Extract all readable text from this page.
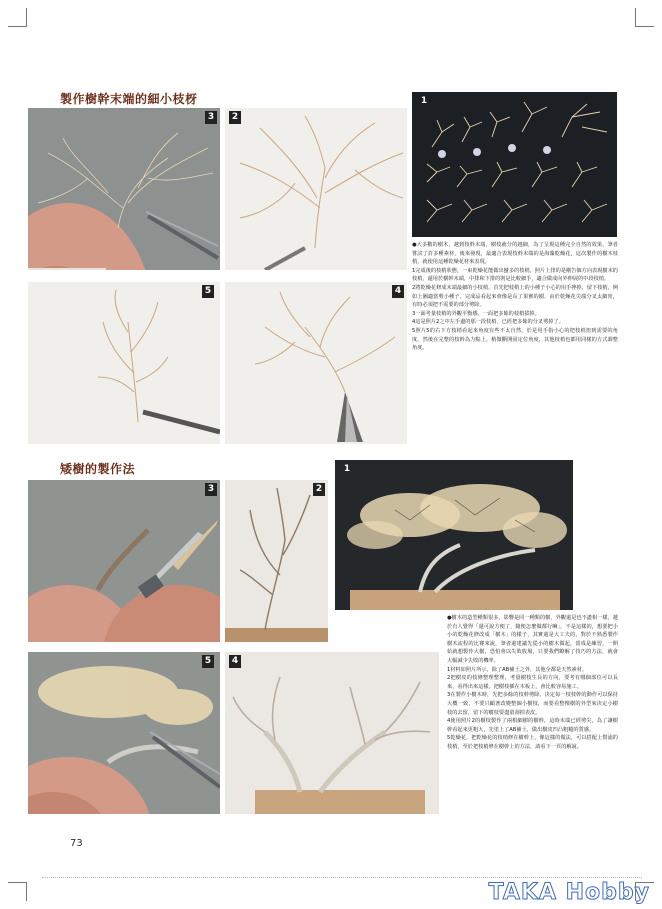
製作樹幹末端的細小枝枒
3	2
1
5	4

●大多數的樹木，越到枝幹末端，樹枝就分的越細，為了呈現這種完全自然的效果，筆者嘗試了許多種素材，後來發現，最適合表現枝幹末端的是海藻乾燥花，這次製作的樹木枝梢，就使用這種乾燥花材來表現。

1完成後的枝梢狀態，一束乾燥花能做出蠻多的枝梢，照片上排的是剛告個方向表現樹末的枝梢，還用於樹幹末端，中排和下排的則是比較細手，適合做成向外伸展的中段枝梢。

2將乾燥花修成末端最細的小枝梢，首先把枝梢上的小種子小心的用手挫掉，留下枝梢，例如上圖適當剪小種子，完成品看起來會像是長了果實的樹，由於乾燥花尖端分叉太細密，有時必須把不需要的部分剪除。

3一面考量枝梢的外觀平衡感，一面把多餘的枝梢拔掉。

4這是照片2之中左手邊的那一段枝梢，已經把多餘的分叉剪掉了。

5照片5的右下方枝梢看起來角度有些不太自然，於是用手指小心的把枝梢扭到需要的角度，然後在完整的枝幹為力點上，稍微斷開固定位角度，其他枝梢也都用同樣的方式調整角度。

矮樹的製作法	1
3	2
5	4

●樹木的造型種類很多，影響是同一種類的樹，外觀還是也不盡相一樣，越於有人覺得「還可說方便了，隨便怎麼做都行嘛」，不是這樣的，想要把小小的乾燥花修改成「樹木」的樣子，其實還是大工夫的，對於不熟悉製作樹木流程的比賽來說，筆者還建議先從小的樹木做起，當成是練習，一開始就想製作大樹，恐怕會以失敗收場，只要我們瞭解了技巧的方法，就會大幅減少失敗的機率。

1材料如照片所示，除了AB補土之外，其他全都是天然素材。

2把樹皮的枝條整理整理，考量樹枝生長的方向，要考有哪個部位可以長來，看得出來這樣，把樹枝插在木板上，會比較容易施工。

3在製作小樹木時，先把多餘的枝幹剪除，決定每一枝枝幹的動作可以保持大概一致，不要只顧著改變整個小樹枝，而要看整棵樹的外型來決定小樹枝的去留，留下的樹枝要盡量刮掉表皮。

4使用照片2的樹枝製作了兩根細樹的樹幹，這時末端已經剪尖，為了讓樹幹看起來更粗大，先塗上了AB補土，做出樹皮凹凸粗糙的質感。

5乾燥花，把乾燥花的枝梢修在樹幹上，像這樣的做法，可以搭配上幫浦的枝梢，至於把枝梢修在樹幹上的方法，請看下一頁的解說。

73
TAKA Hobby
